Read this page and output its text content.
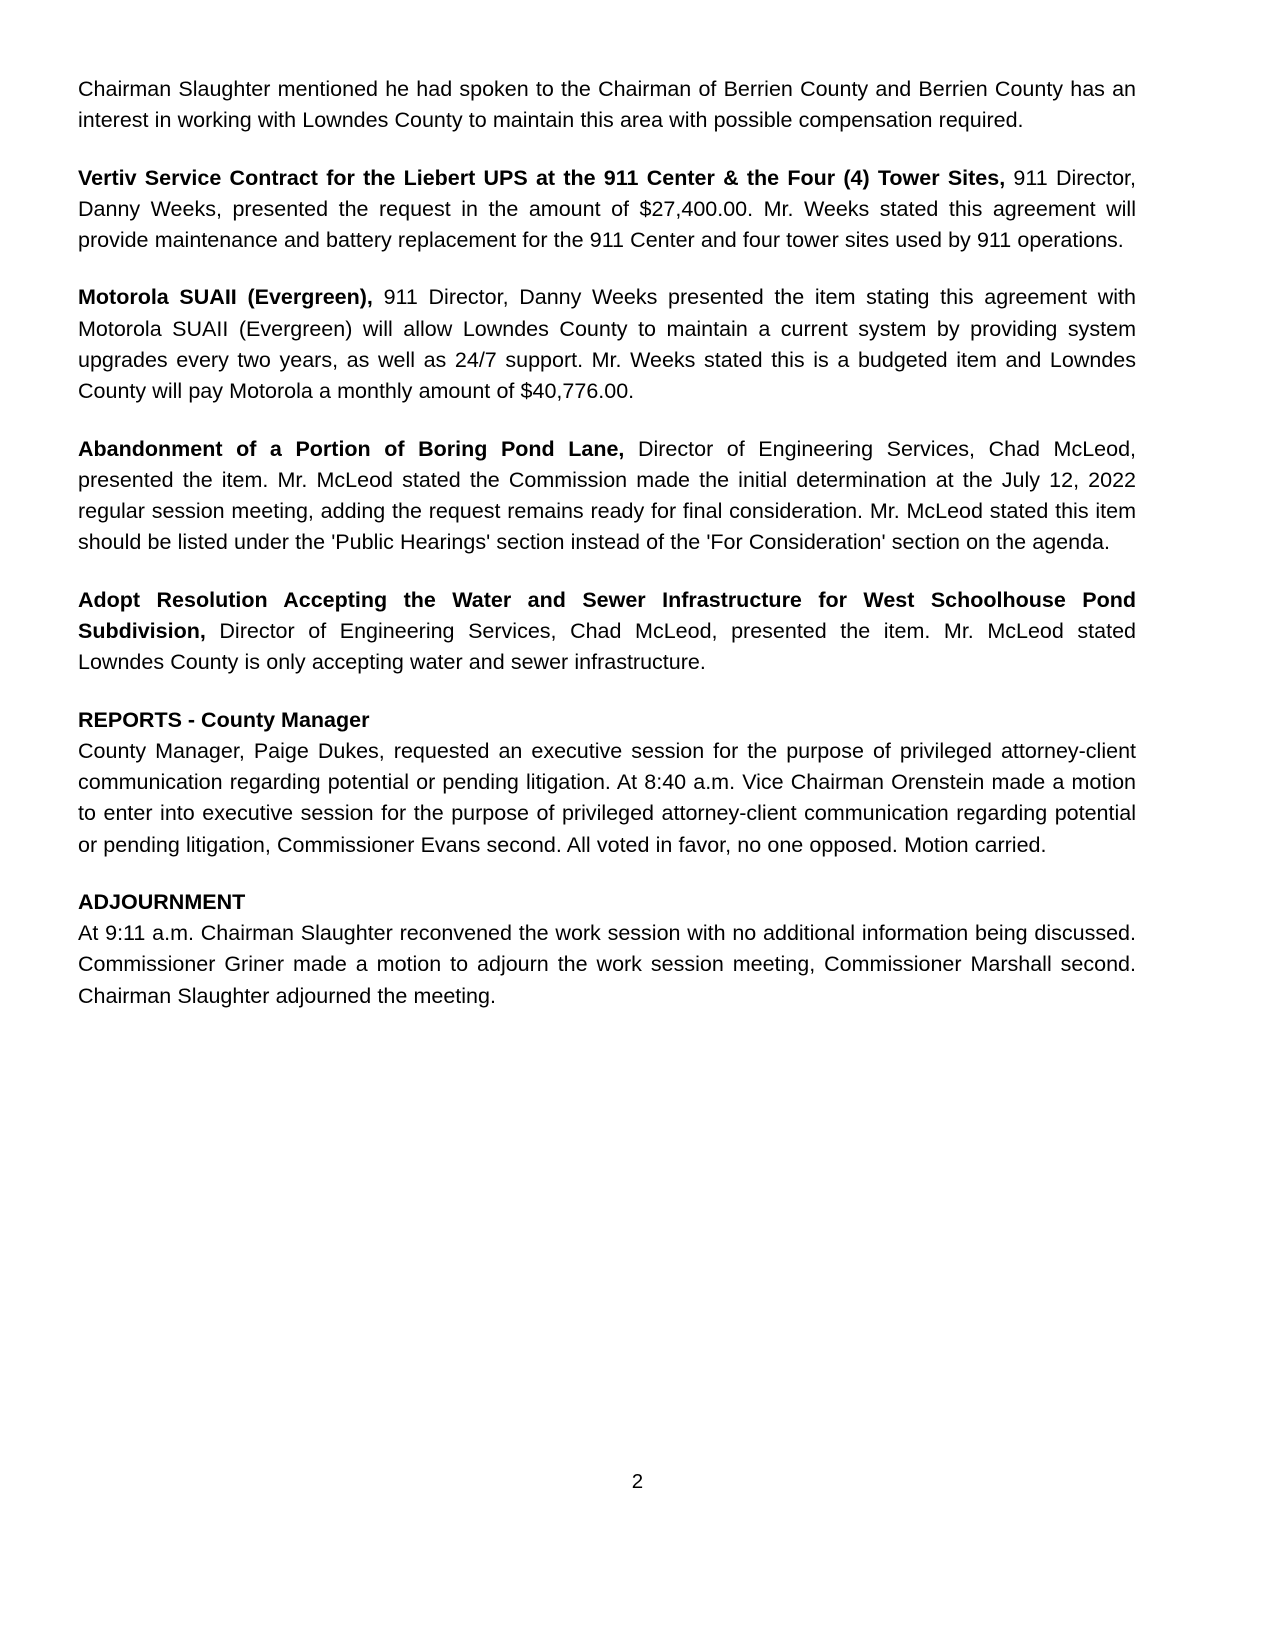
Chairman Slaughter mentioned he had spoken to the Chairman of Berrien County and Berrien County has an interest in working with Lowndes County to maintain this area with possible compensation required.

Vertiv Service Contract for the Liebert UPS at the 911 Center & the Four (4) Tower Sites, 911 Director, Danny Weeks, presented the request in the amount of $27,400.00. Mr. Weeks stated this agreement will provide maintenance and battery replacement for the 911 Center and four tower sites used by 911 operations.

Motorola SUAII (Evergreen), 911 Director, Danny Weeks presented the item stating this agreement with Motorola SUAII (Evergreen) will allow Lowndes County to maintain a current system by providing system upgrades every two years, as well as 24/7 support. Mr. Weeks stated this is a budgeted item and Lowndes County will pay Motorola a monthly amount of $40,776.00.

Abandonment of a Portion of Boring Pond Lane, Director of Engineering Services, Chad McLeod, presented the item. Mr. McLeod stated the Commission made the initial determination at the July 12, 2022 regular session meeting, adding the request remains ready for final consideration. Mr. McLeod stated this item should be listed under the 'Public Hearings' section instead of the 'For Consideration' section on the agenda.

Adopt Resolution Accepting the Water and Sewer Infrastructure for West Schoolhouse Pond Subdivision, Director of Engineering Services, Chad McLeod, presented the item. Mr. McLeod stated Lowndes County is only accepting water and sewer infrastructure.

REPORTS - County Manager

County Manager, Paige Dukes, requested an executive session for the purpose of privileged attorney-client communication regarding potential or pending litigation. At 8:40 a.m. Vice Chairman Orenstein made a motion to enter into executive session for the purpose of privileged attorney-client communication regarding potential or pending litigation, Commissioner Evans second. All voted in favor, no one opposed. Motion carried.

ADJOURNMENT

At 9:11 a.m. Chairman Slaughter reconvened the work session with no additional information being discussed. Commissioner Griner made a motion to adjourn the work session meeting, Commissioner Marshall second. Chairman Slaughter adjourned the meeting.

2
